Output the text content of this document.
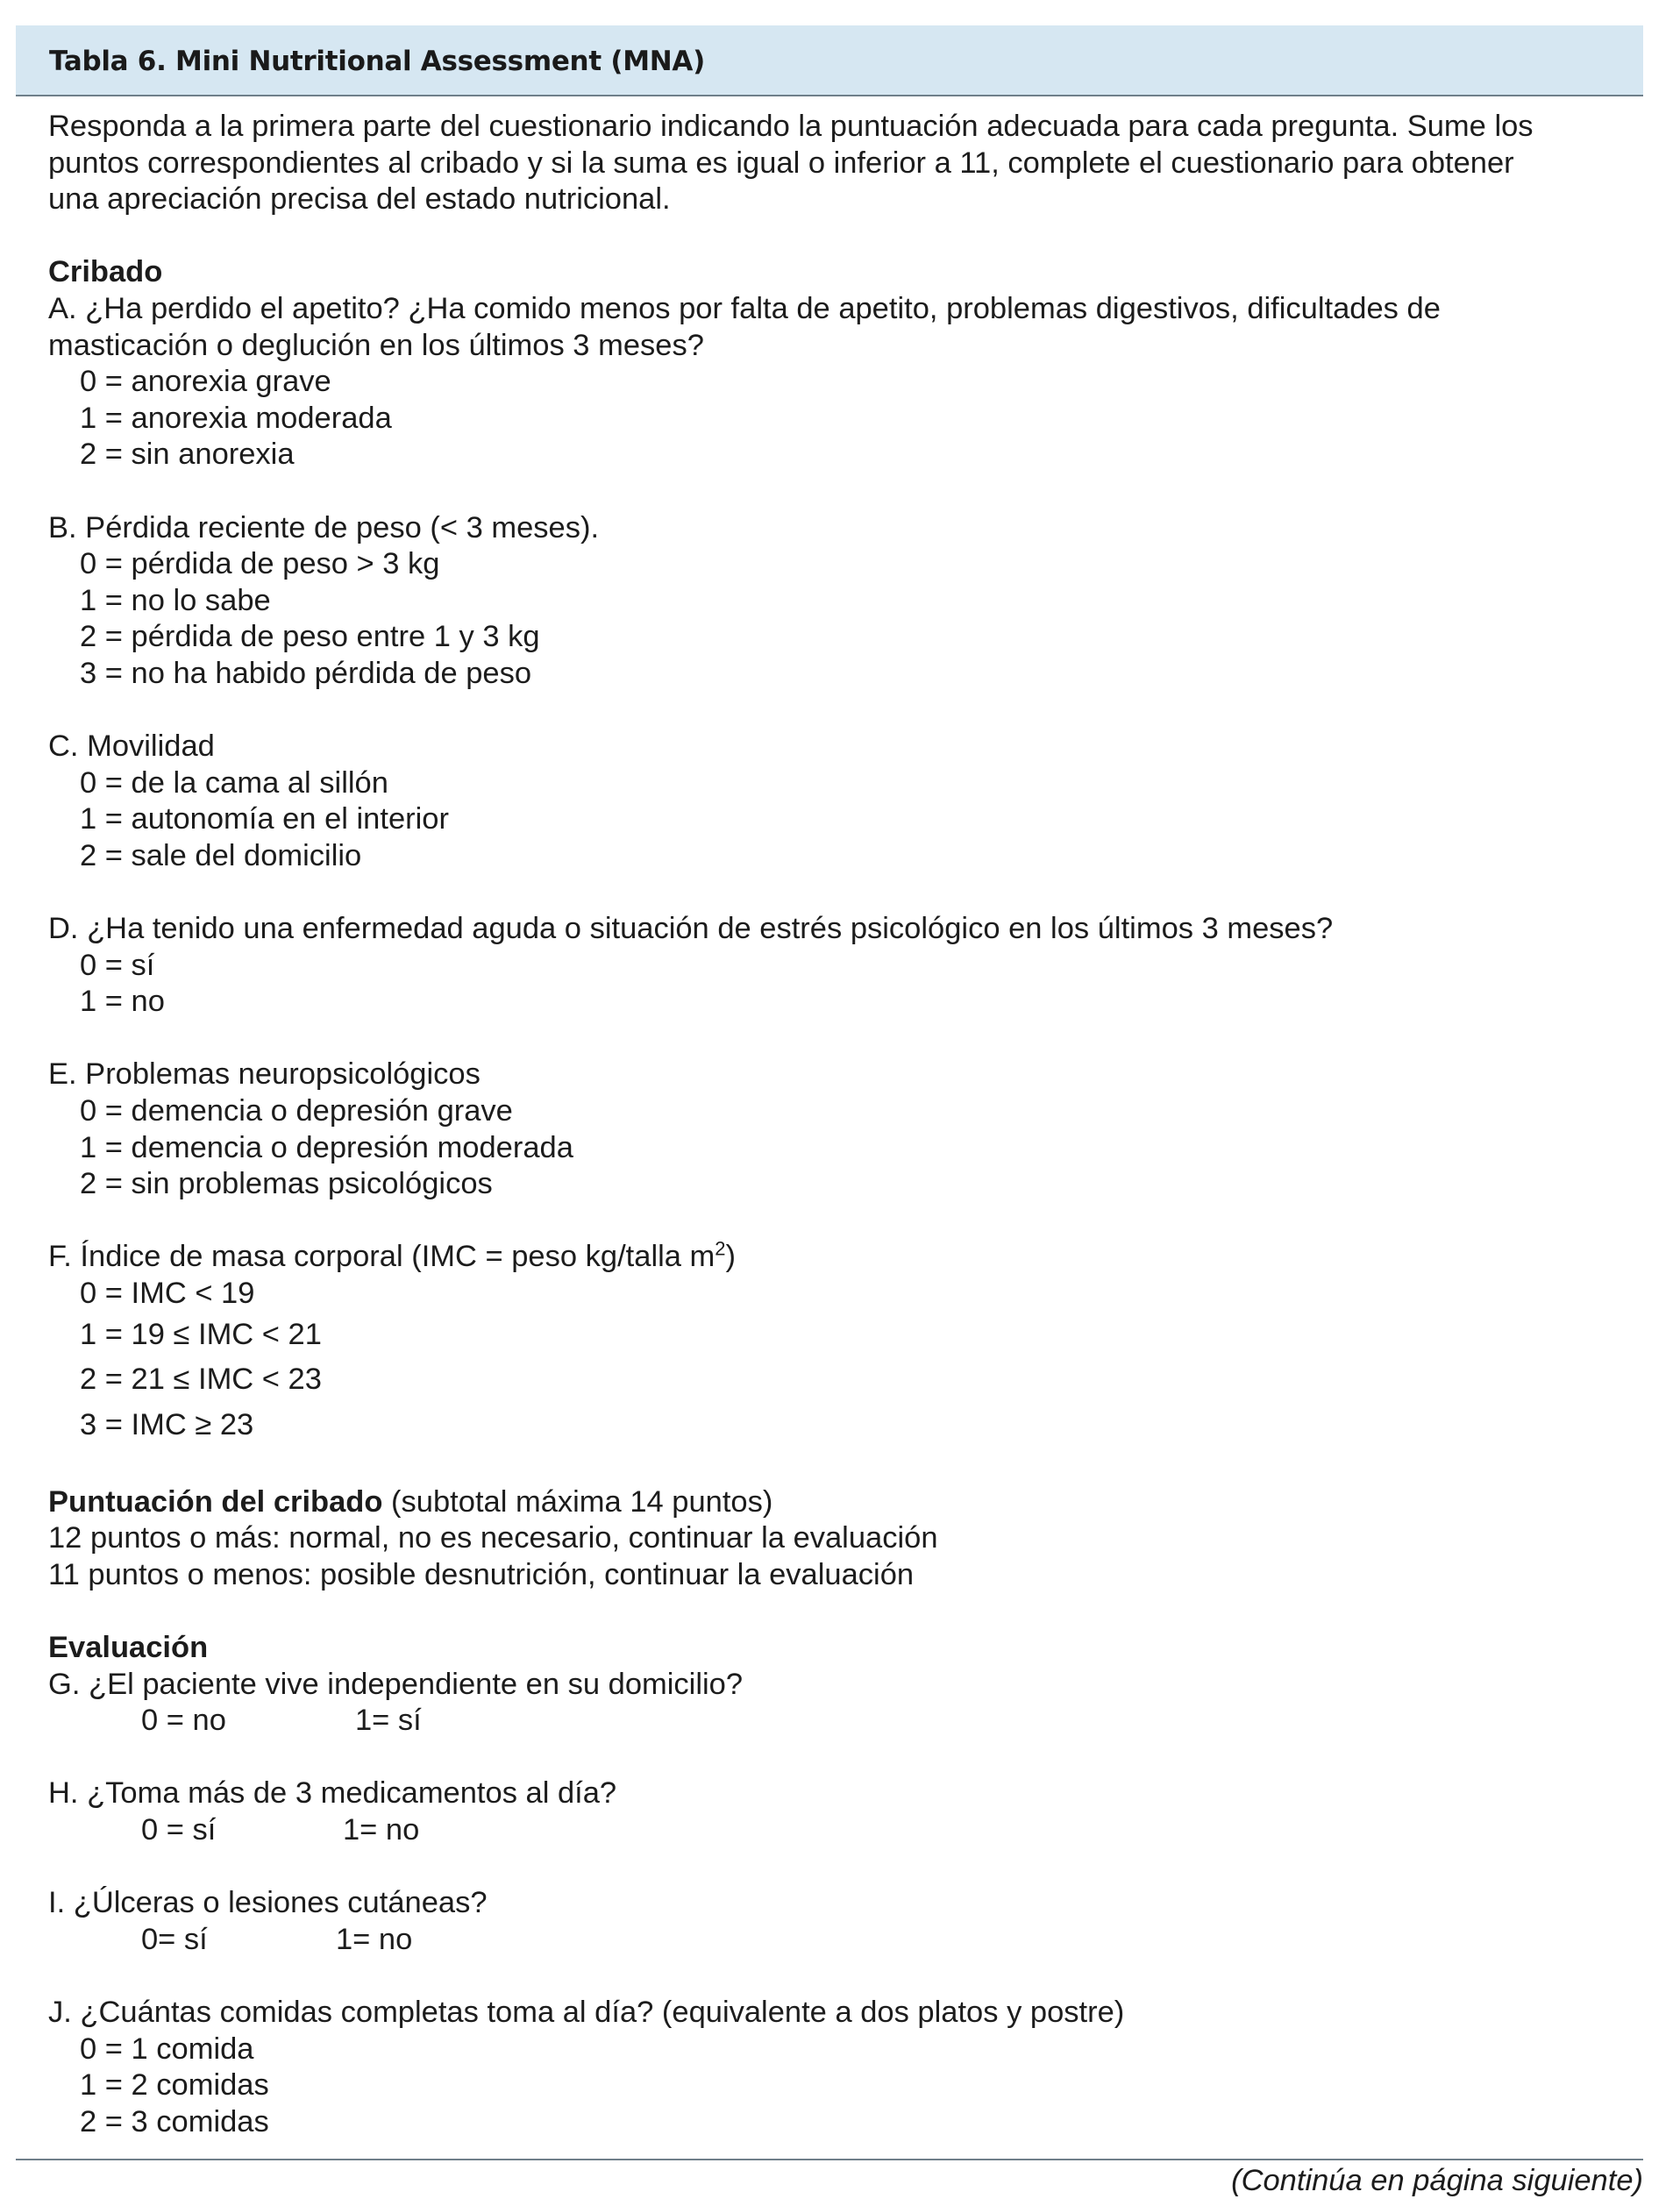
Tabla 6. Mini Nutritional Assessment (MNA)
Responda a la primera parte del cuestionario indicando la puntuación adecuada para cada pregunta. Sume los
puntos correspondientes al cribado y si la suma es igual o inferior a 11, complete el cuestionario para obtener
una apreciación precisa del estado nutricional.
Cribado
A. ¿Ha perdido el apetito? ¿Ha comido menos por falta de apetito, problemas digestivos, dificultades de
masticación o deglución en los últimos 3 meses?
0 = anorexia grave
1 = anorexia moderada
2 = sin anorexia
B. Pérdida reciente de peso (< 3 meses).
0 = pérdida de peso > 3 kg
1 = no lo sabe
2 = pérdida de peso entre 1 y 3 kg
3 = no ha habido pérdida de peso
C. Movilidad
0 = de la cama al sillón
1 = autonomía en el interior
2 = sale del domicilio
D. ¿Ha tenido una enfermedad aguda o situación de estrés psicológico en los últimos 3 meses?
0 = sí
1 = no
E. Problemas neuropsicológicos
0 = demencia o depresión grave
1 = demencia o depresión moderada
2 = sin problemas psicológicos
F. Índice de masa corporal (IMC = peso kg/talla $m^2$)
0 = IMC < 19
1 = 19 ≤ IMC < 21
2 = 21 ≤ IMC < 23
3 = IMC ≥ 23
Puntuación del cribado (subtotal máxima 14 puntos)
12 puntos o más: normal, no es necesario, continuar la evaluación
11 puntos o menos: posible desnutrición, continuar la evaluación
Evaluación
G. ¿El paciente vive independiente en su domicilio?
0 = no	1= sí
H. ¿Toma más de 3 medicamentos al día?
0 = sí	1= no
I. ¿Úlceras o lesiones cutáneas?
0= sí	1= no
J. ¿Cuántas comidas completas toma al día? (equivalente a dos platos y postre)
0 = 1 comida
1 = 2 comidas
2 = 3 comidas
(Continúa en página siguiente)
